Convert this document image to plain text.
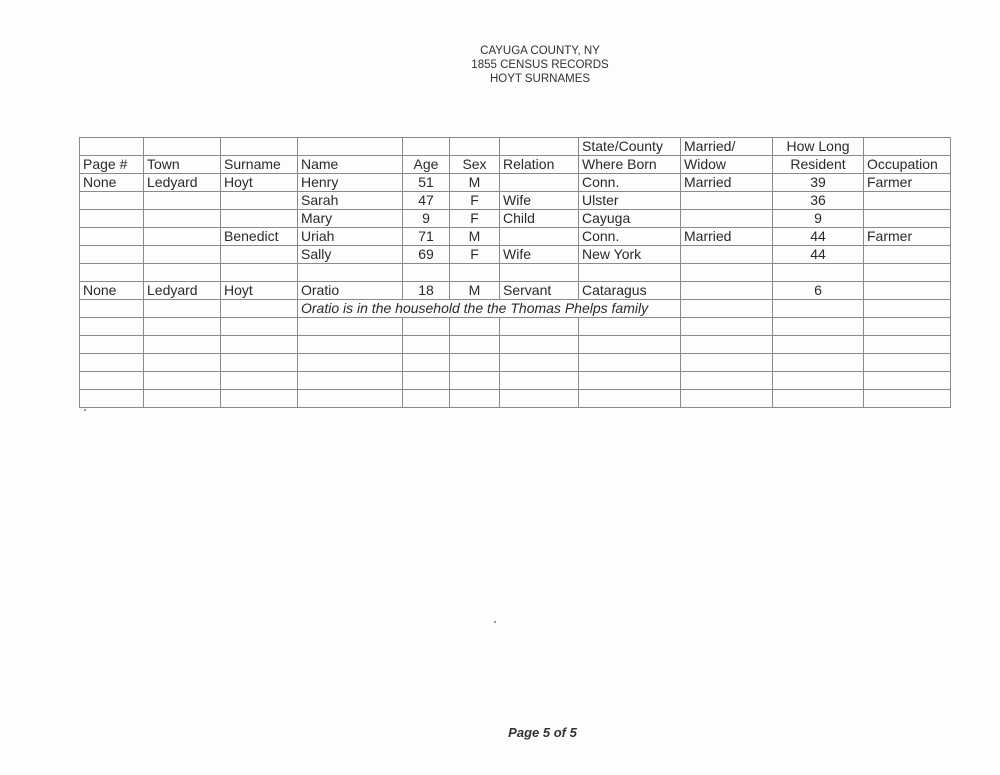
CAYUGA COUNTY, NY
1855 CENSUS RECORDS
HOYT SURNAMES
							State/County	Married/	How Long	
Page #	Town	Surname	Name	Age	Sex	Relation	Where Born	Widow	Resident	Occupation
None	Ledyard	Hoyt	Henry	51	M		Conn.	Married	39	Farmer
			Sarah	47	F	Wife	Ulster		36	
			Mary	9	F	Child	Cayuga		9	
		Benedict	Uriah	71	M		Conn.	Married	44	Farmer
			Sally	69	F	Wife	New York		44	

None	Ledyard	Hoyt	Oratio	18	M	Servant	Cataragus		6	
			Oratio is in the household the the Thomas Phelps family							

Page 5 of 5
